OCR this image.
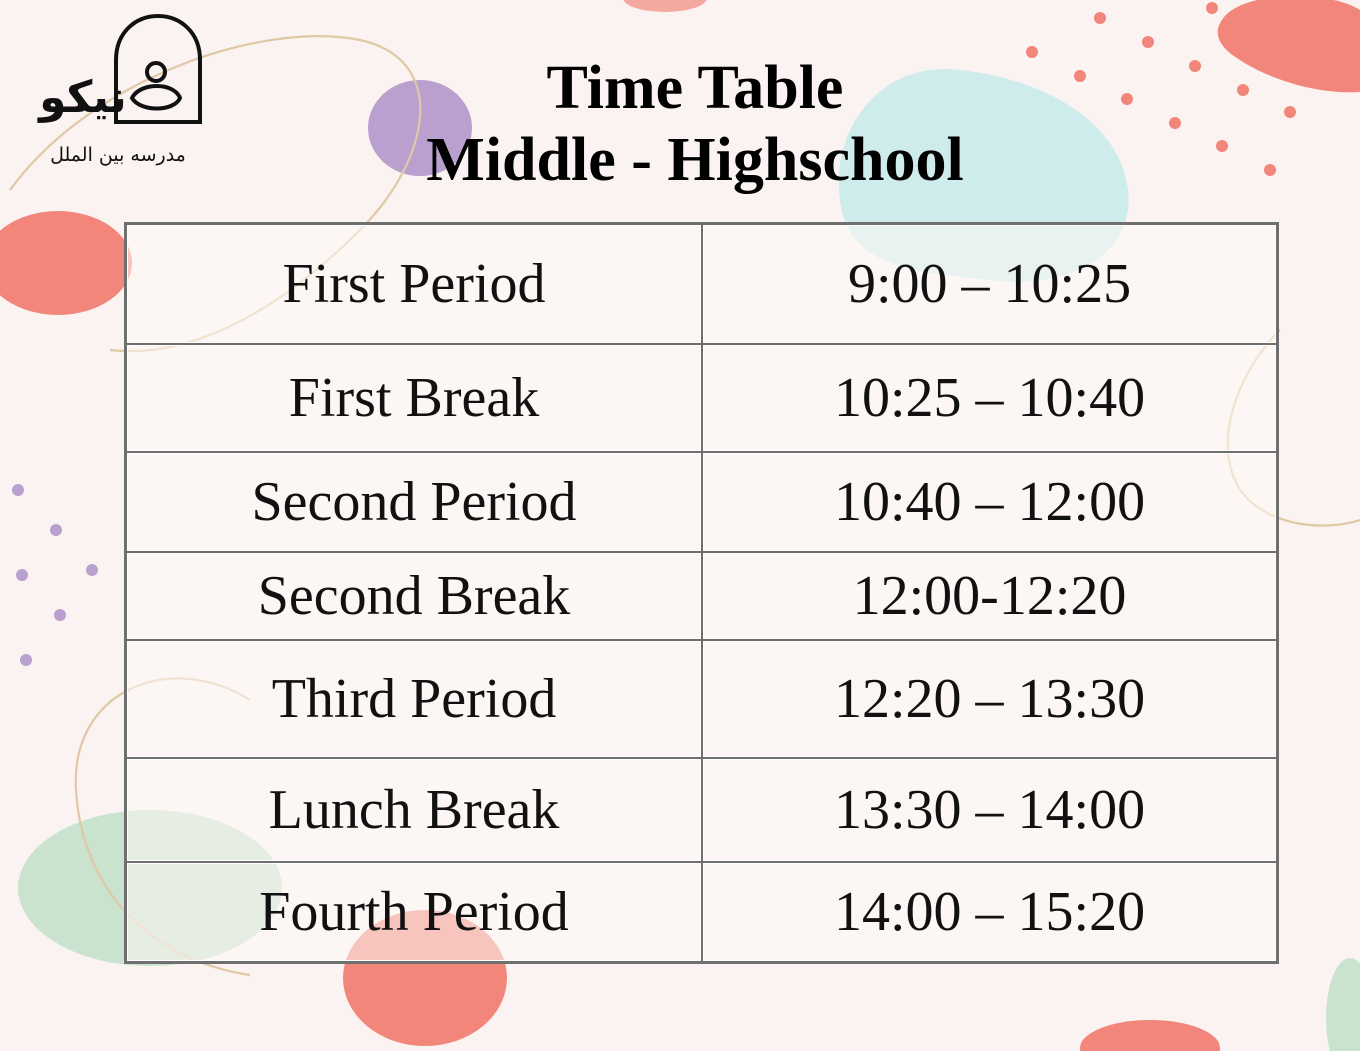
نیکو
مدرسه بین الملل
Time Table
Middle - Highschool
First Period	9:00 – 10:25
First Break	10:25 – 10:40
Second Period	10:40 – 12:00
Second Break	12:00-12:20
Third Period	12:20 – 13:30
Lunch Break	13:30 – 14:00
Fourth Period	14:00 – 15:20
